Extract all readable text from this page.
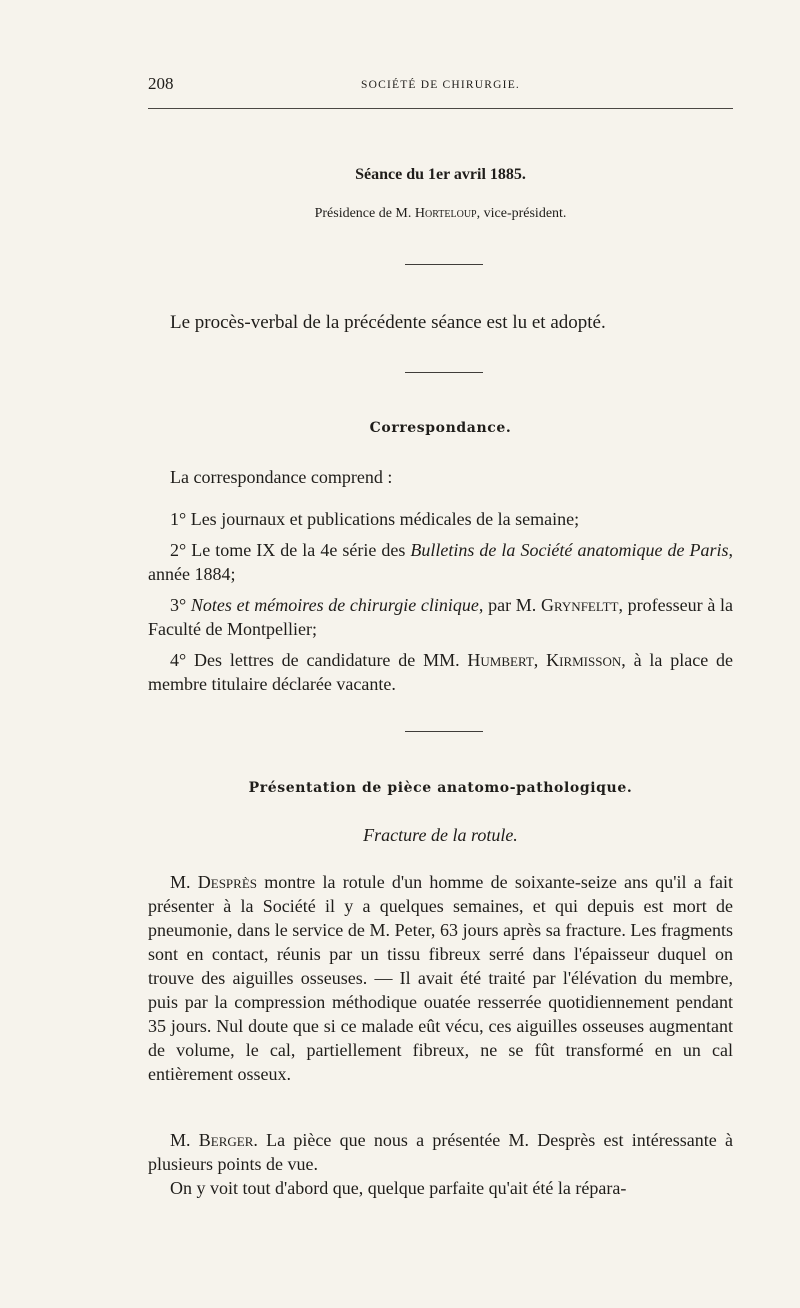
208	SOCIÉTÉ DE CHIRURGIE.
Séance du 1er avril 1885.
Présidence de M. Horteloup, vice-président.
Le procès-verbal de la précédente séance est lu et adopté.
Correspondance.
La correspondance comprend :

1° Les journaux et publications médicales de la semaine;

2° Le tome IX de la 4e série des Bulletins de la Société anatomique de Paris, année 1884;

3° Notes et mémoires de chirurgie clinique, par M. Grynfeltt, professeur à la Faculté de Montpellier;

4° Des lettres de candidature de MM. Humbert, Kirmisson, à la place de membre titulaire déclarée vacante.

Présentation de pièce anatomo-pathologique.
Fracture de la rotule.

M. Desprès montre la rotule d'un homme de soixante-seize ans qu'il a fait présenter à la Société il y a quelques semaines, et qui depuis est mort de pneumonie, dans le service de M. Peter, 63 jours après sa fracture. Les fragments sont en contact, réunis par un tissu fibreux serré dans l'épaisseur duquel on trouve des aiguilles osseuses. — Il avait été traité par l'élévation du membre, puis par la compression méthodique ouatée resserrée quotidiennement pendant 35 jours. Nul doute que si ce malade eût vécu, ces aiguilles osseuses augmentant de volume, le cal, partiellement fibreux, ne se fût transformé en un cal entièrement osseux.

M. Berger. La pièce que nous a présentée M. Desprès est intéressante à plusieurs points de vue.

On y voit tout d'abord que, quelque parfaite qu'ait été la répara-
